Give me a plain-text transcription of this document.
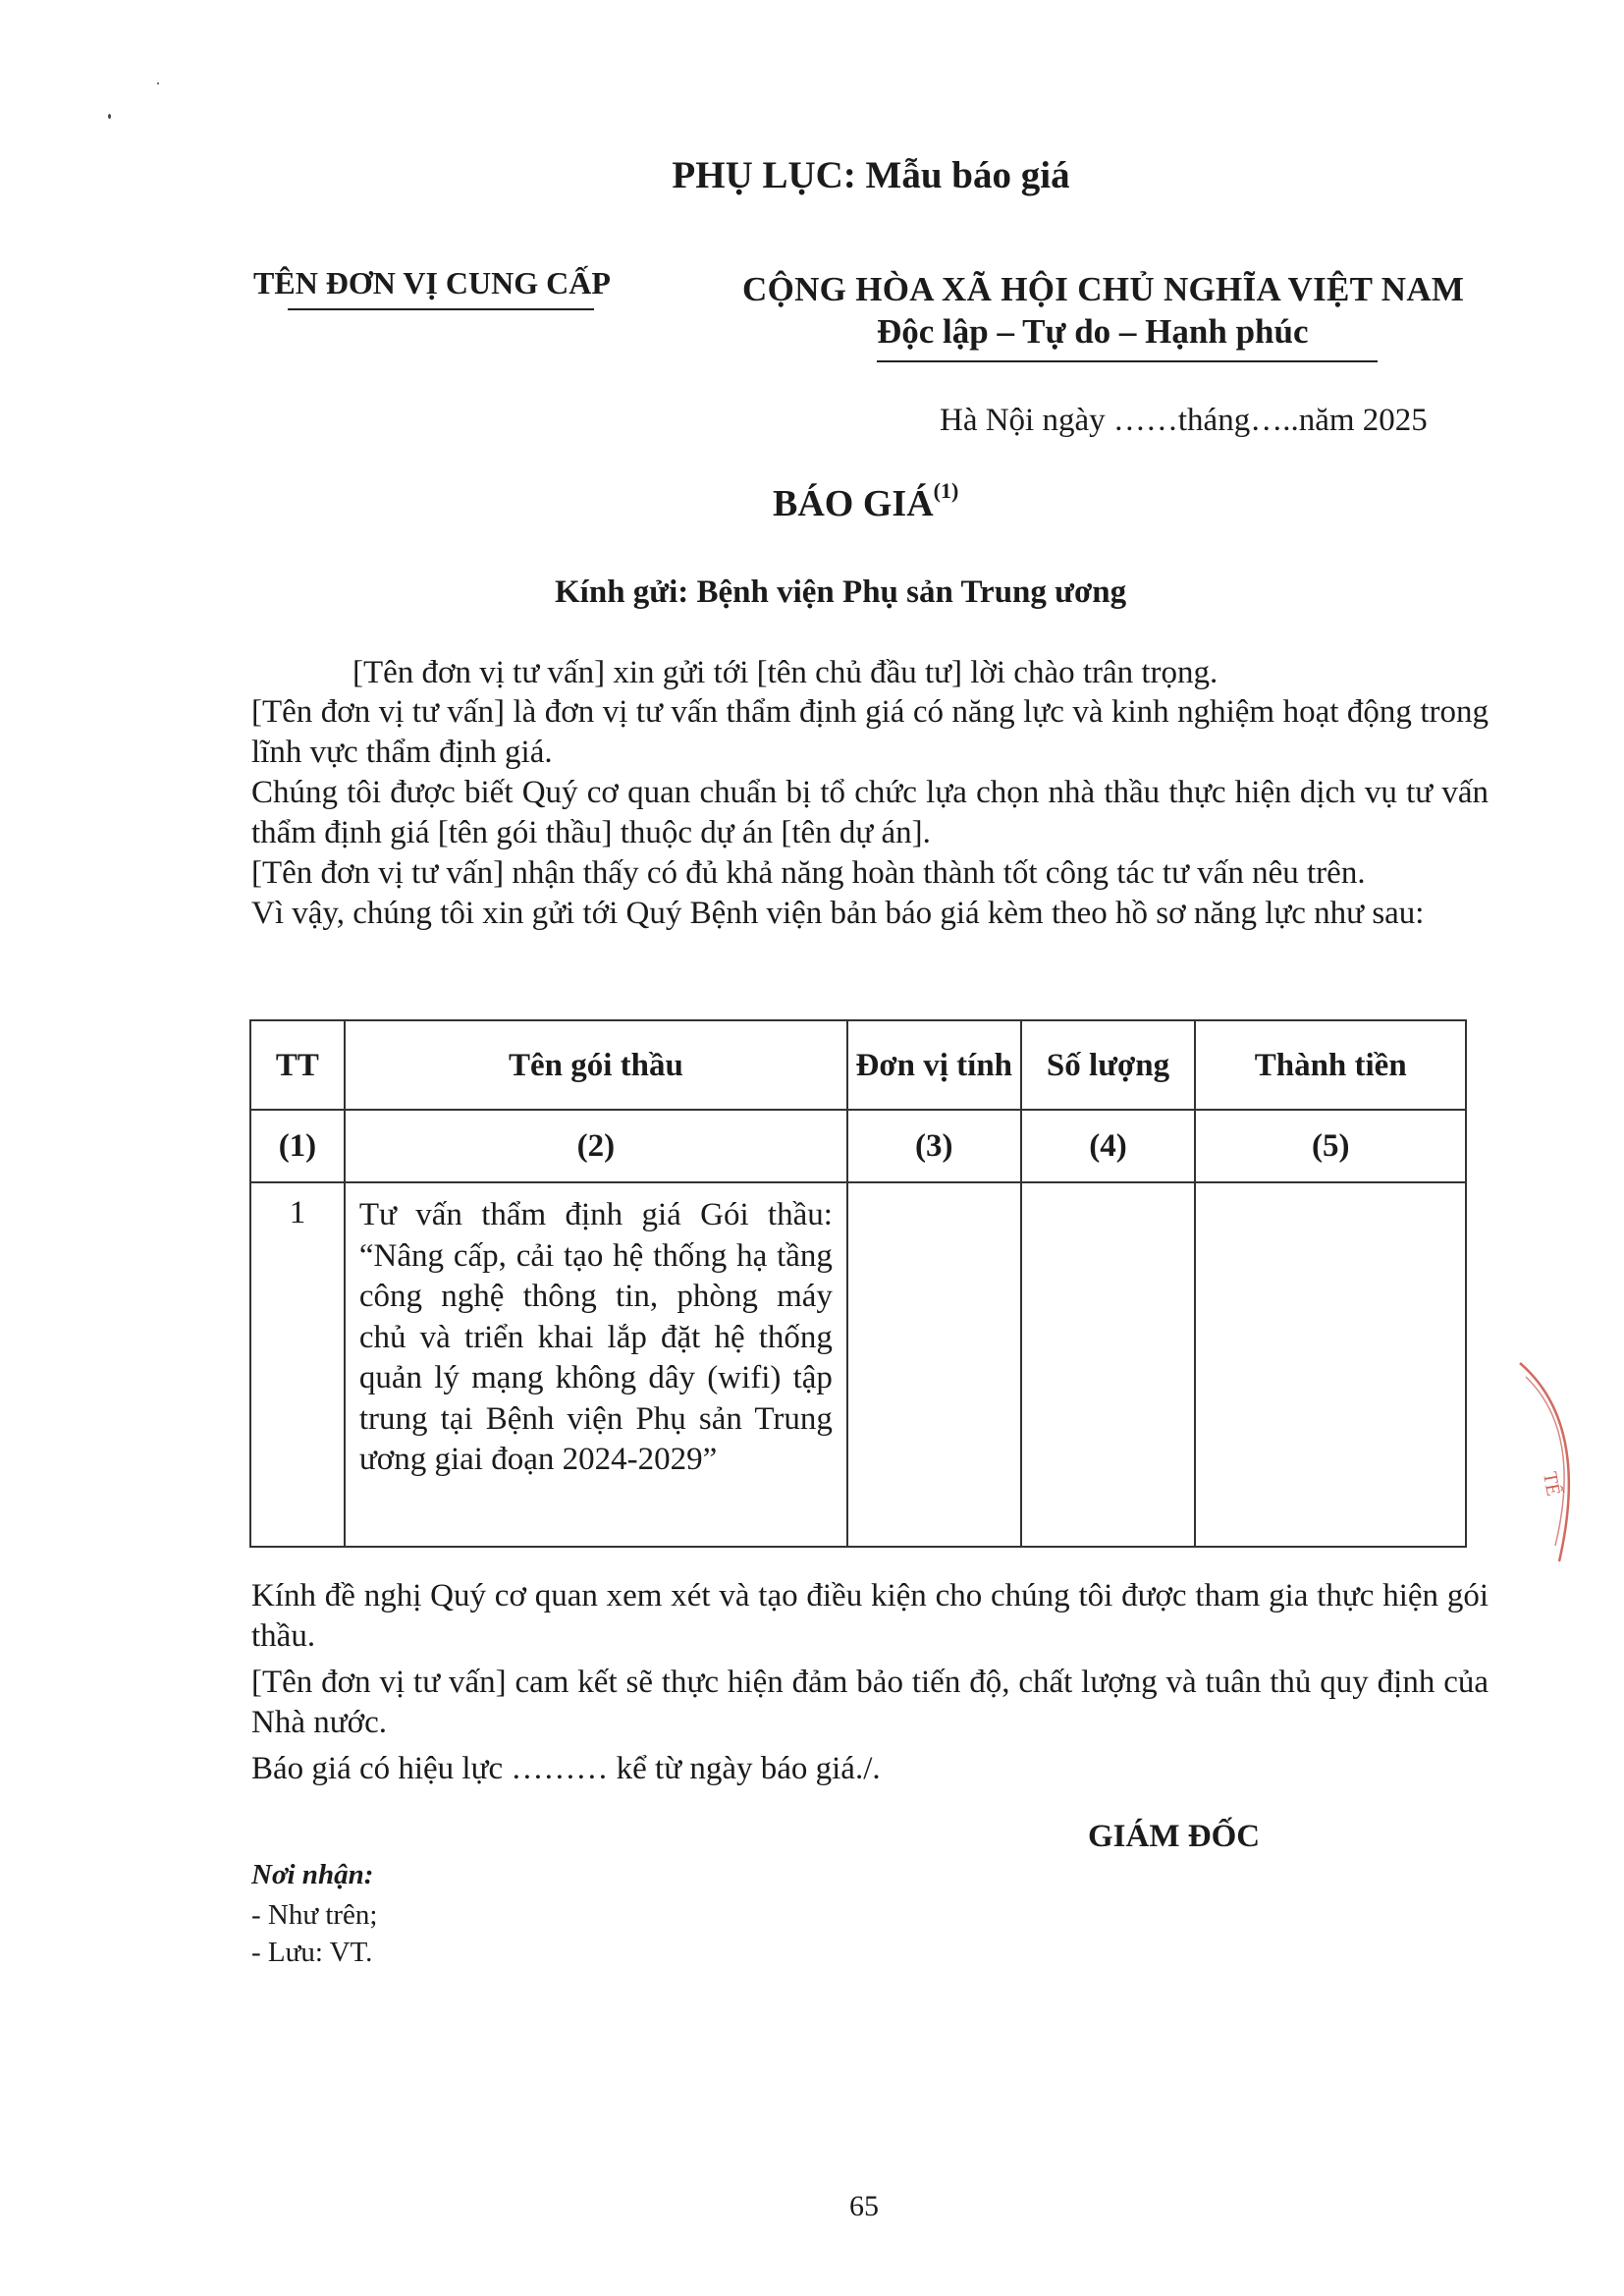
PHỤ LỤC: Mẫu báo giá
TÊN ĐƠN VỊ CUNG CẤP	CỘNG HÒA XÃ HỘI CHỦ NGHĨA VIỆT NAM
Độc lập – Tự do – Hạnh phúc
Hà Nội ngày ……tháng…..năm 2025
BÁO GIÁ$^{(1)}$
Kính gửi: Bệnh viện Phụ sản Trung ương

[Tên đơn vị tư vấn] xin gửi tới [tên chủ đầu tư] lời chào trân trọng.

[Tên đơn vị tư vấn] là đơn vị tư vấn thẩm định giá có năng lực và kinh nghiệm hoạt động trong lĩnh vực thẩm định giá.

Chúng tôi được biết Quý cơ quan chuẩn bị tổ chức lựa chọn nhà thầu thực hiện dịch vụ tư vấn thẩm định giá [tên gói thầu] thuộc dự án [tên dự án].

[Tên đơn vị tư vấn] nhận thấy có đủ khả năng hoàn thành tốt công tác tư vấn nêu trên.

Vì vậy, chúng tôi xin gửi tới Quý Bệnh viện bản báo giá kèm theo hồ sơ năng lực như sau:

TT	Tên gói thầu	Đơn vị tính	Số lượng	Thành tiền
(1)	(2)	(3)	(4)	(5)
1	Tư vấn thẩm định giá Gói thầu: “Nâng cấp, cải tạo hệ thống hạ tầng công nghệ thông tin, phòng máy chủ và triển khai lắp đặt hệ thống quản lý mạng không dây (wifi) tập trung tại Bệnh viện Phụ sản Trung ương giai đoạn 2024-2029”			

Kính đề nghị Quý cơ quan xem xét và tạo điều kiện cho chúng tôi được tham gia thực hiện gói thầu.

[Tên đơn vị tư vấn] cam kết sẽ thực hiện đảm bảo tiến độ, chất lượng và tuân thủ quy định của Nhà nước.

Báo giá có hiệu lực ……… kể từ ngày báo giá./.

GIÁM ĐỐC
Nơi nhận:
- Như trên;
- Lưu: VT.
TẾ
65
